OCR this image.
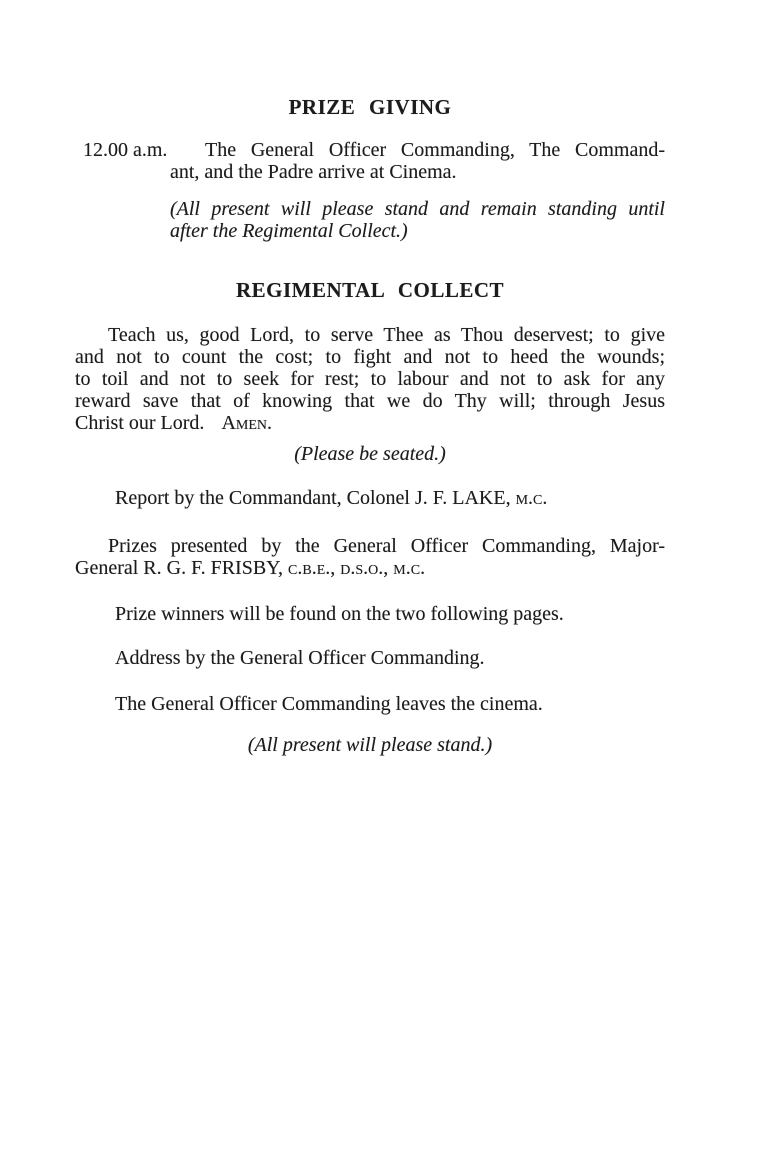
PRIZE GIVING
12.00 a.m.	The General Officer Commanding, The Command-
ant, and the Padre arrive at Cinema.
(All present will please stand and remain standing until
after the Regimental Collect.)
REGIMENTAL COLLECT
Teach us, good Lord, to serve Thee as Thou deservest; to give
and not to count the cost; to fight and not to heed the wounds;
to toil and not to seek for rest; to labour and not to ask for any
reward save that of knowing that we do Thy will; through Jesus
Christ our Lord. Amen.
(Please be seated.)
Report by the Commandant, Colonel J. F. LAKE, m.c.
Prizes presented by the General Officer Commanding, Major-
General R. G. F. FRISBY, c.b.e., d.s.o., m.c.
Prize winners will be found on the two following pages.
Address by the General Officer Commanding.
The General Officer Commanding leaves the cinema.
(All present will please stand.)
